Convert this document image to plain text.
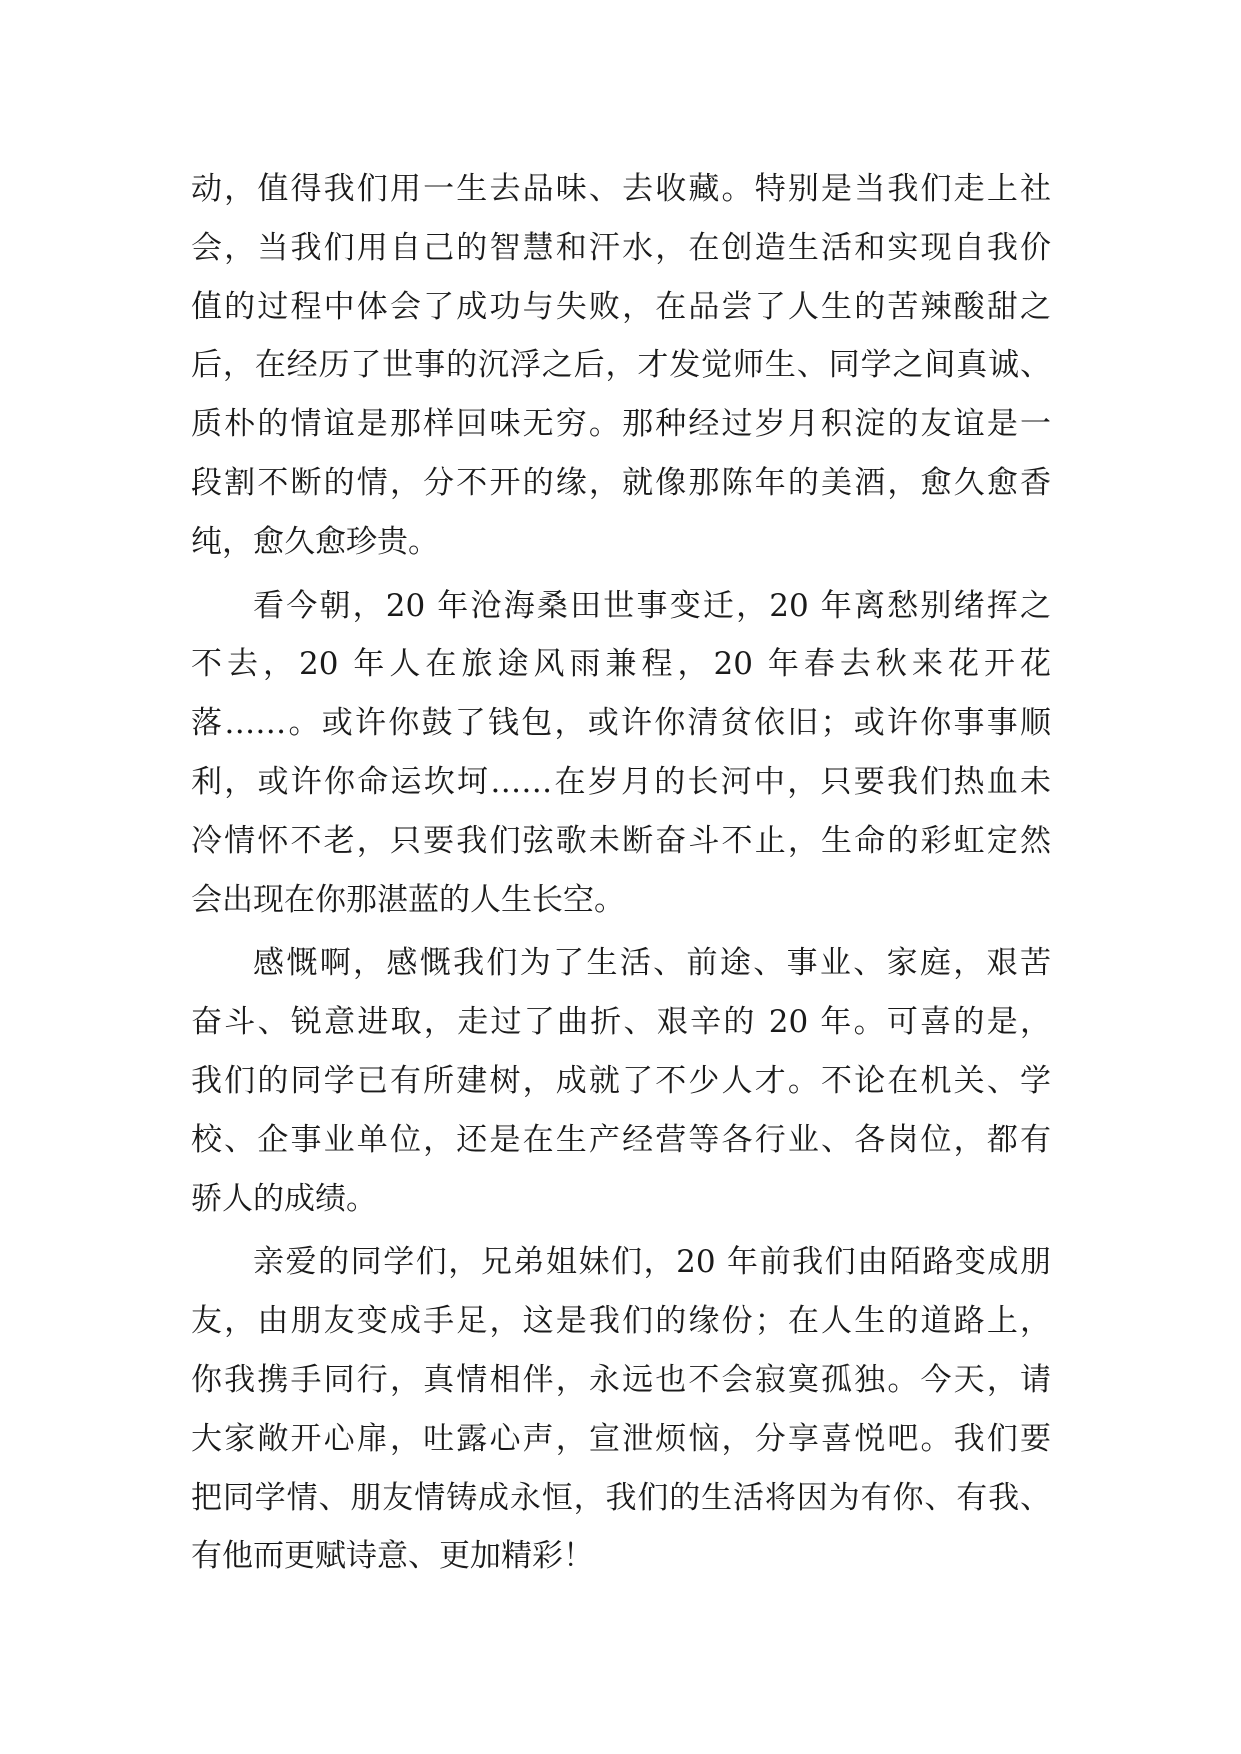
动，值得我们用一生去品味、去收藏。特别是当我们走上社
会，当我们用自己的智慧和汗水，在创造生活和实现自我价
值的过程中体会了成功与失败，在品尝了人生的苦辣酸甜之
后，在经历了世事的沉浮之后，才发觉师生、同学之间真诚、
质朴的情谊是那样回味无穷。那种经过岁月积淀的友谊是一
段割不断的情，分不开的缘，就像那陈年的美酒，愈久愈香
纯，愈久愈珍贵。
看今朝，20 年沧海桑田世事变迁，20 年离愁别绪挥之
不去，20 年人在旅途风雨兼程，20 年春去秋来花开花
落……。或许你鼓了钱包，或许你清贫依旧；或许你事事顺
利，或许你命运坎坷……在岁月的长河中，只要我们热血未
冷情怀不老，只要我们弦歌未断奋斗不止，生命的彩虹定然
会出现在你那湛蓝的人生长空。
感慨啊，感慨我们为了生活、前途、事业、家庭，艰苦
奋斗、锐意进取，走过了曲折、艰辛的 20 年。可喜的是，
我们的同学已有所建树，成就了不少人才。不论在机关、学
校、企事业单位，还是在生产经营等各行业、各岗位，都有
骄人的成绩。
亲爱的同学们，兄弟姐妹们，20 年前我们由陌路变成朋
友，由朋友变成手足，这是我们的缘份；在人生的道路上，
你我携手同行，真情相伴，永远也不会寂寞孤独。今天，请
大家敞开心扉，吐露心声，宣泄烦恼，分享喜悦吧。我们要
把同学情、朋友情铸成永恒，我们的生活将因为有你、有我、
有他而更赋诗意、更加精彩！
